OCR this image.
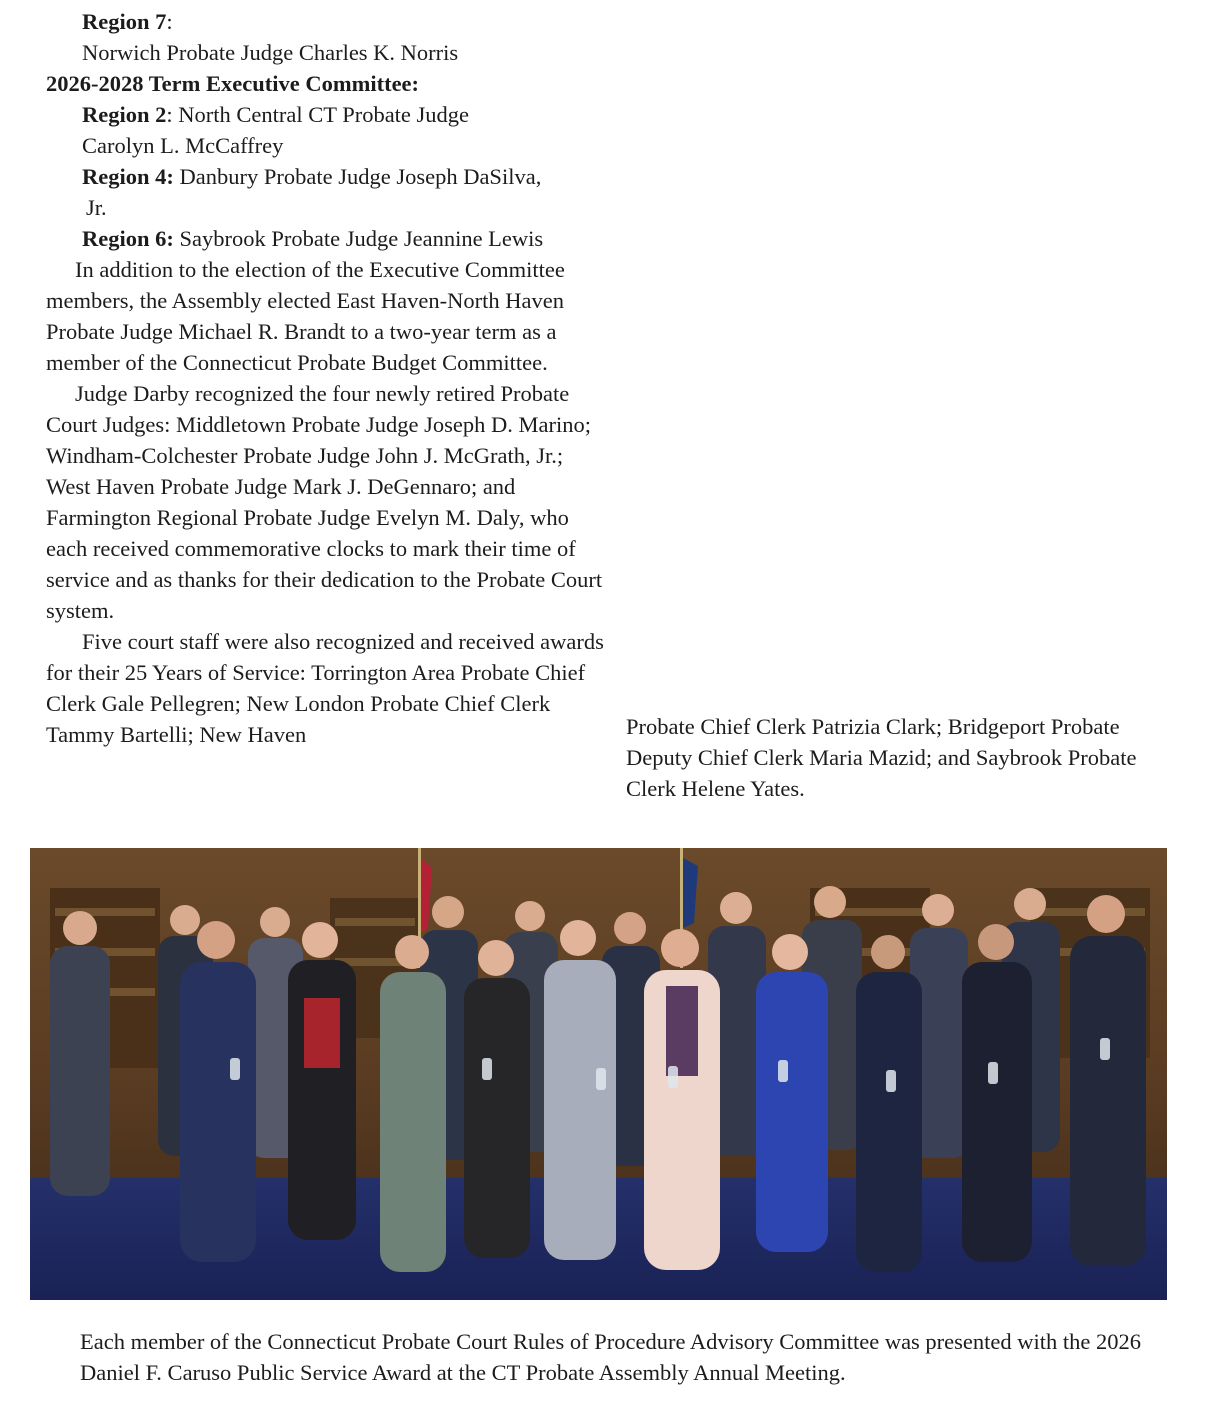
Region 7:

Norwich Probate Judge Charles K. Norris

2026-2028 Term Executive Committee:

Region 2: North Central CT Probate Judge

Carolyn L. McCaffrey

Region 4: Danbury Probate Judge Joseph DaSilva,

Jr.

Region 6: Saybrook Probate Judge Jeannine Lewis

In addition to the election of the Executive Committee members, the Assembly elected East Haven-North Haven Probate Judge Michael R. Brandt to a two-year term as a member of the Connecticut Probate Budget Committee.

Judge Darby recognized the four newly retired Probate Court Judges: Middletown Probate Judge Joseph D. Marino; Windham-Colchester Probate Judge John J. McGrath, Jr.; West Haven Probate Judge Mark J. DeGennaro; and Farmington Regional Probate Judge Evelyn M. Daly, who each received commemorative clocks to mark their time of service and as thanks for their dedication to the Probate Court system.

Five court staff were also recognized and received awards for their 25 Years of Service: Torrington Area Probate Chief Clerk Gale Pellegren; New London Probate Chief Clerk Tammy Bartelli; New Haven	Probate Chief Clerk Patrizia Clark; Bridgeport Probate Deputy Chief Clerk Maria Mazid; and Saybrook Probate Clerk Helene Yates.

Each member of the Connecticut Probate Court Rules of Procedure Advisory Committee was presented with the 2026 Daniel F. Caruso Public Service Award at the CT Probate Assembly Annual Meeting.
